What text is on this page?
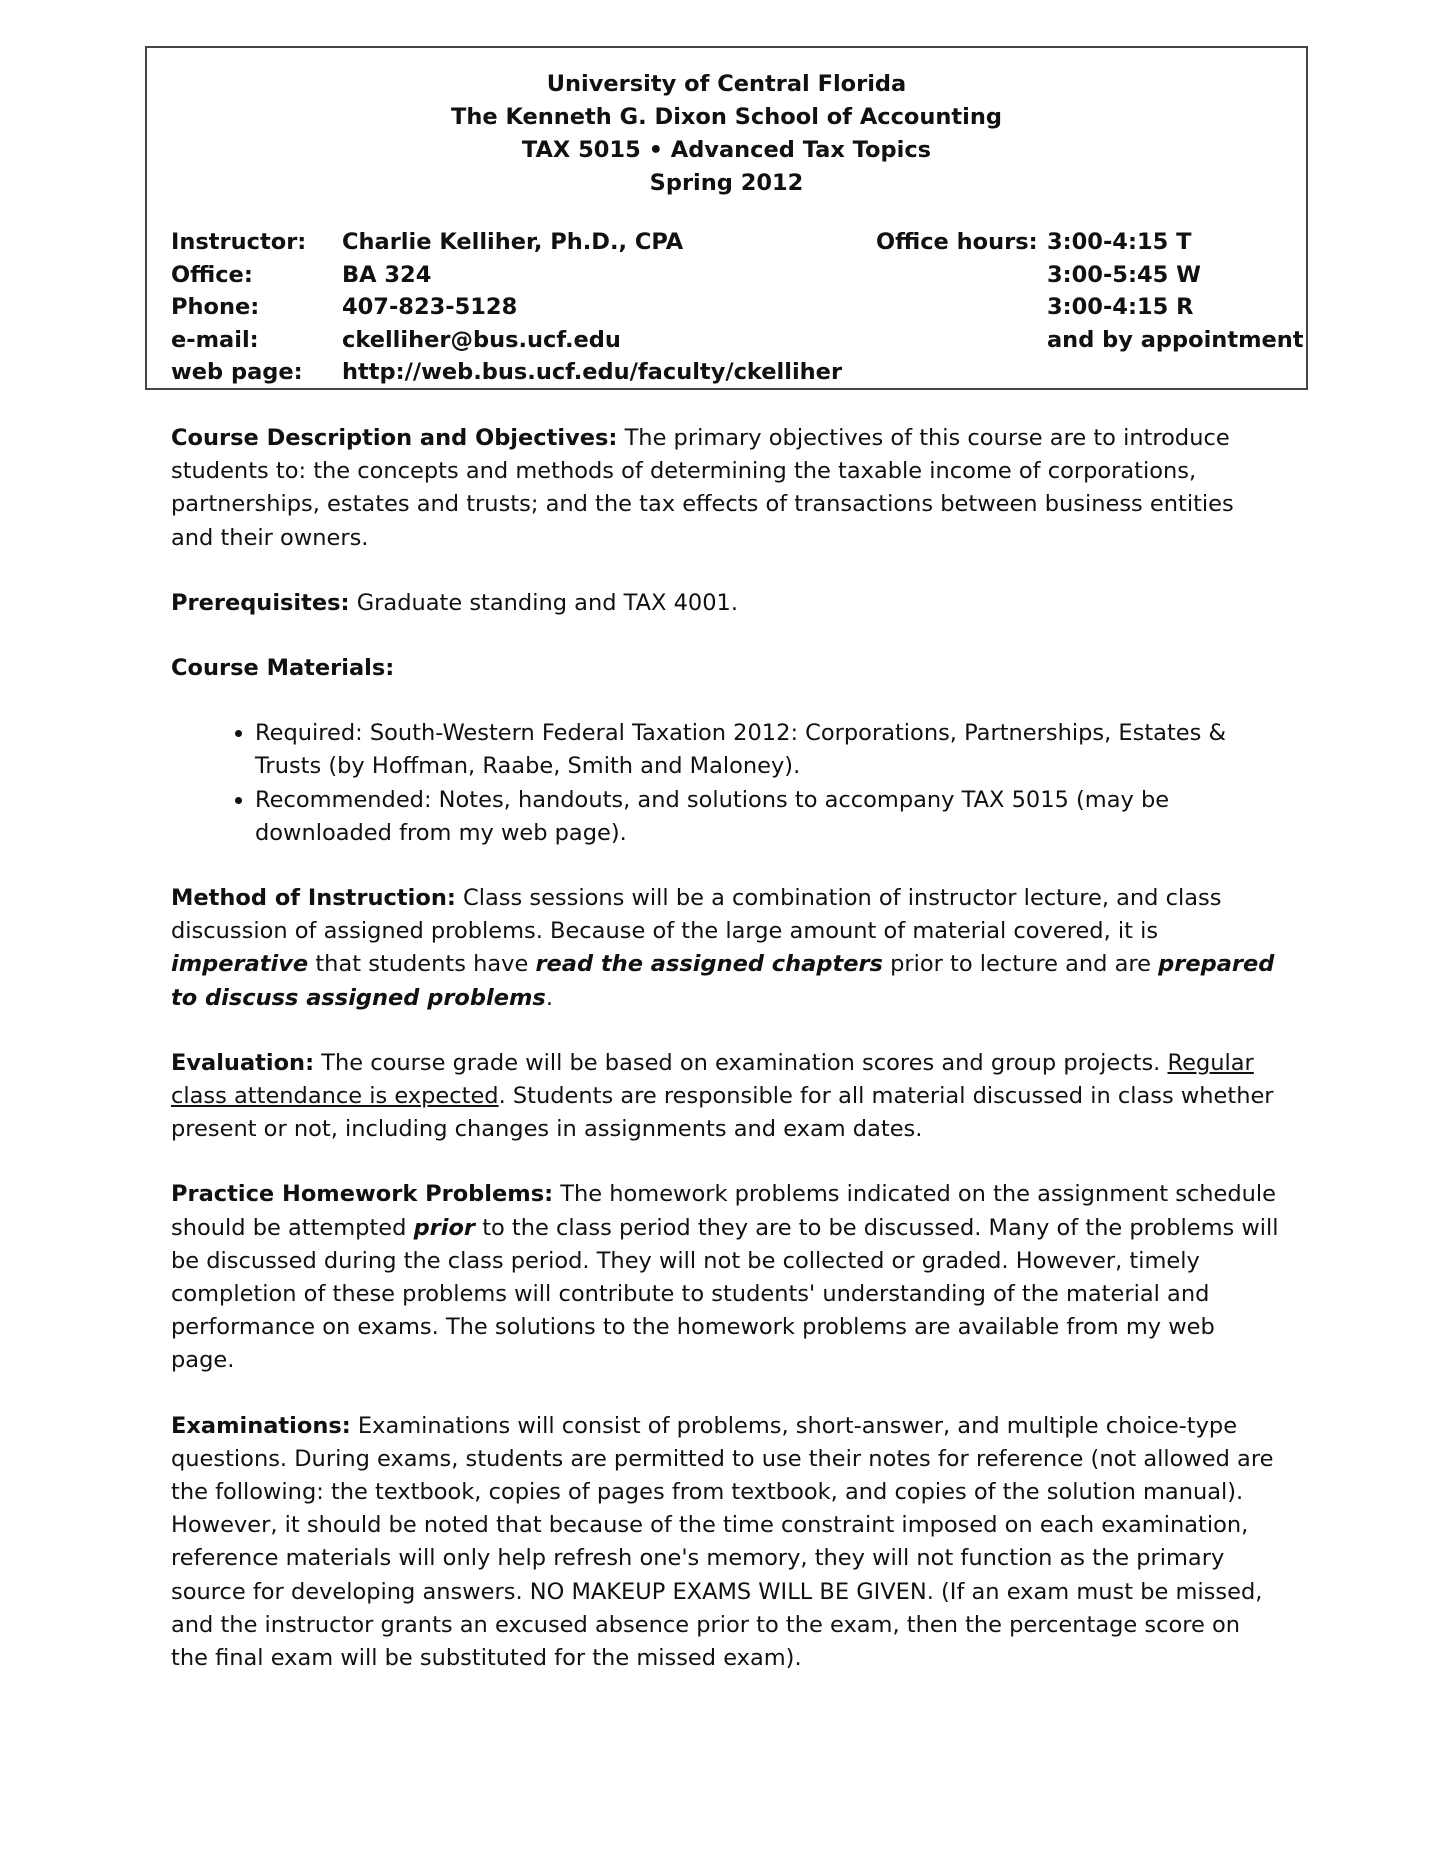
University of Central Florida
The Kenneth G. Dixon School of Accounting
TAX 5015 • Advanced Tax Topics
Spring 2012
Instructor: Charlie Kelliher, Ph.D., CPA	Office hours: 3:00-4:15 T
Office:	BA 324	3:00-5:45 W
Phone:	407-823-5128	3:00-4:15 R
e-mail:	ckelliher@bus.ucf.edu	and by appointment
web page: http://web.bus.ucf.edu/faculty/ckelliher

Course Description and Objectives: The primary objectives of this course are to introduce students to: the concepts and methods of determining the taxable income of corporations, partnerships, estates and trusts; and the tax effects of transactions between business entities and their owners.

Prerequisites: Graduate standing and TAX 4001.

Course Materials:
• Required: South-Western Federal Taxation 2012: Corporations, Partnerships, Estates & Trusts (by Hoffman, Raabe, Smith and Maloney).
• Recommended: Notes, handouts, and solutions to accompany TAX 5015 (may be downloaded from my web page).

Method of Instruction: Class sessions will be a combination of instructor lecture, and class discussion of assigned problems. Because of the large amount of material covered, it is imperative that students have read the assigned chapters prior to lecture and are prepared to discuss assigned problems.

Evaluation: The course grade will be based on examination scores and group projects. Regular class attendance is expected. Students are responsible for all material discussed in class whether present or not, including changes in assignments and exam dates.

Practice Homework Problems: The homework problems indicated on the assignment schedule should be attempted prior to the class period they are to be discussed. Many of the problems will be discussed during the class period. They will not be collected or graded. However, timely completion of these problems will contribute to students' understanding of the material and performance on exams. The solutions to the homework problems are available from my web page.

Examinations: Examinations will consist of problems, short-answer, and multiple choice-type questions. During exams, students are permitted to use their notes for reference (not allowed are the following: the textbook, copies of pages from textbook, and copies of the solution manual). However, it should be noted that because of the time constraint imposed on each examination, reference materials will only help refresh one's memory, they will not function as the primary source for developing answers. NO MAKEUP EXAMS WILL BE GIVEN. (If an exam must be missed, and the instructor grants an excused absence prior to the exam, then the percentage score on the final exam will be substituted for the missed exam).
